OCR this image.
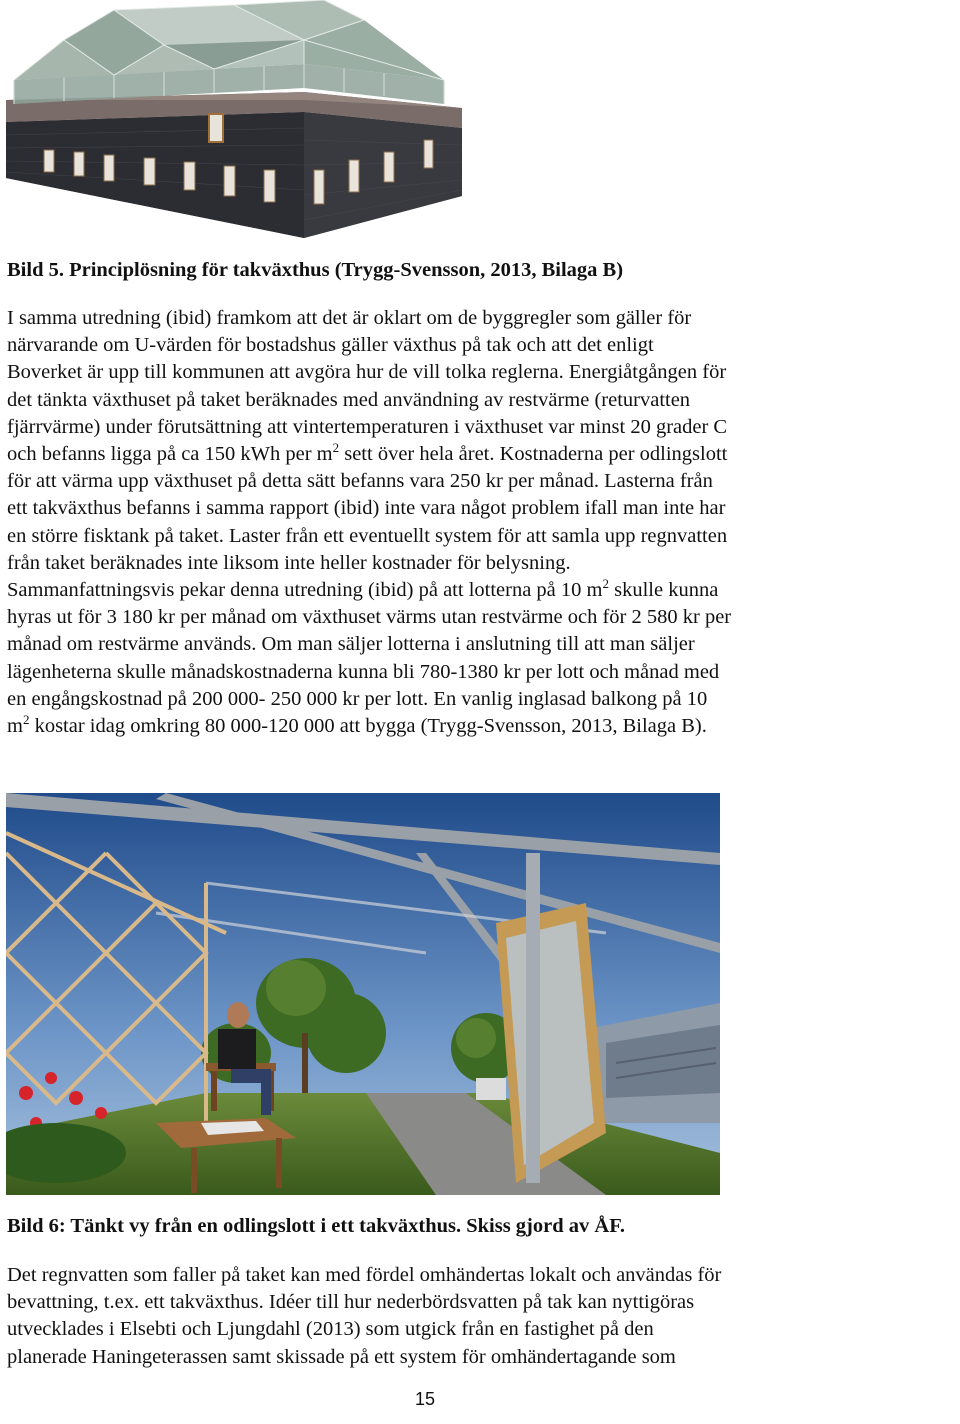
Bild 5. Principlösning för takväxthus (Trygg-Svensson, 2013, Bilaga B)
I samma utredning (ibid) framkom att det är oklart om de byggregler som gäller för
närvarande om U-värden för bostadshus gäller växthus på tak och att det enligt
Boverket är upp till kommunen att avgöra hur de vill tolka reglerna. Energiåtgången för
det tänkta växthuset på taket beräknades med användning av restvärme (returvatten
fjärrvärme) under förutsättning att vintertemperaturen i växthuset var minst 20 grader C
och befanns ligga på ca 150 kWh per $m^2$ sett över hela året. Kostnaderna per odlingslott
för att värma upp växthuset på detta sätt befanns vara 250 kr per månad. Lasterna från
ett takväxthus befanns i samma rapport (ibid) inte vara något problem ifall man inte har
en större fisktank på taket. Laster från ett eventuellt system för att samla upp regnvatten
från taket beräknades inte liksom inte heller kostnader för belysning.
Sammanfattningsvis pekar denna utredning (ibid) på att lotterna på 10 $m^2$ skulle kunna
hyras ut för 3 180 kr per månad om växthuset värms utan restvärme och för 2 580 kr per
månad om restvärme används. Om man säljer lotterna i anslutning till att man säljer
lägenheterna skulle månadskostnaderna kunna bli 780-1380 kr per lott och månad med
en engångskostnad på 200 000- 250 000 kr per lott. En vanlig inglasad balkong på 10
$m^2$ kostar idag omkring 80 000-120 000 att bygga (Trygg-Svensson, 2013, Bilaga B).
Bild 6: Tänkt vy från en odlingslott i ett takväxthus. Skiss gjord av ÅF.
Det regnvatten som faller på taket kan med fördel omhändertas lokalt och användas för
bevattning, t.ex. ett takväxthus. Idéer till hur nederbördsvatten på tak kan nyttigöras
utvecklades i Elsebti och Ljungdahl (2013) som utgick från en fastighet på den
planerade Haningeterassen samt skissade på ett system för omhändertagande som
15
